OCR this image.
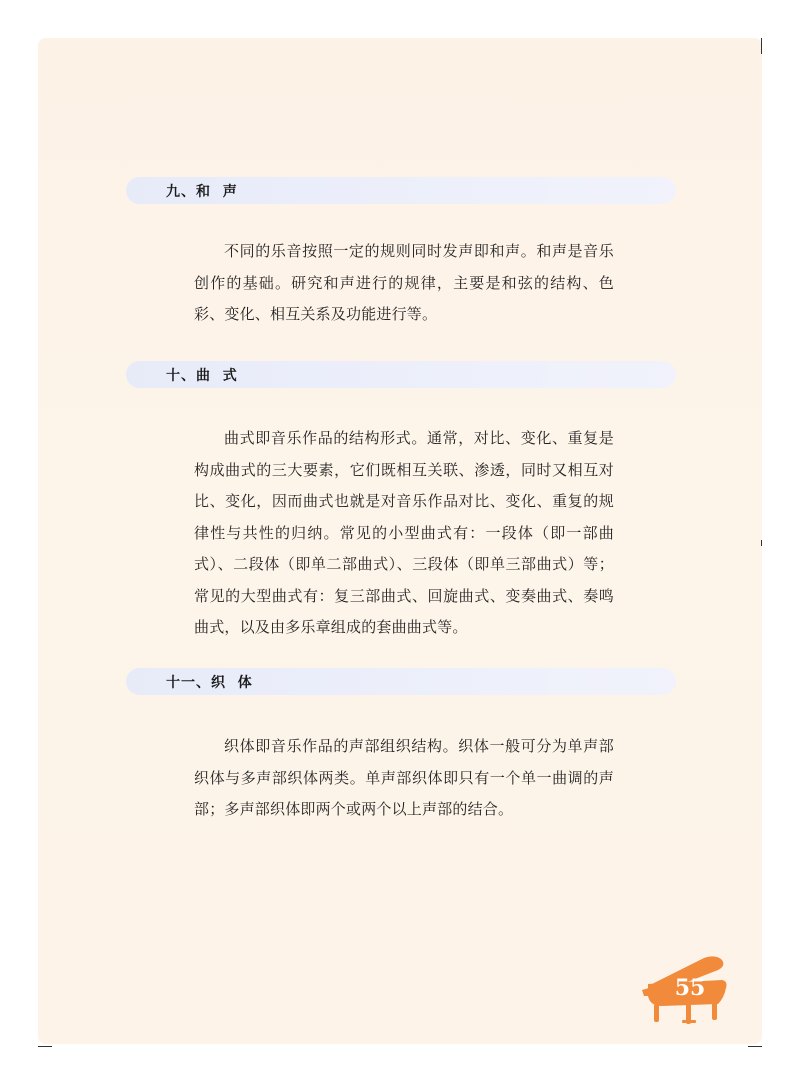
九、和  声

不同的乐音按照一定的规则同时发声即和声。和声是音乐创作的基础。研究和声进行的规律，主要是和弦的结构、色彩、变化、相互关系及功能进行等。

十、曲  式

曲式即音乐作品的结构形式。通常，对比、变化、重复是构成曲式的三大要素，它们既相互关联、渗透，同时又相互对比、变化，因而曲式也就是对音乐作品对比、变化、重复的规律性与共性的归纳。常见的小型曲式有：一段体（即一部曲式）、二段体（即单二部曲式）、三段体（即单三部曲式）等；常见的大型曲式有：复三部曲式、回旋曲式、变奏曲式、奏鸣曲式，以及由多乐章组成的套曲曲式等。

十一、织  体

织体即音乐作品的声部组织结构。织体一般可分为单声部织体与多声部织体两类。单声部织体即只有一个单一曲调的声部；多声部织体即两个或两个以上声部的结合。

55
